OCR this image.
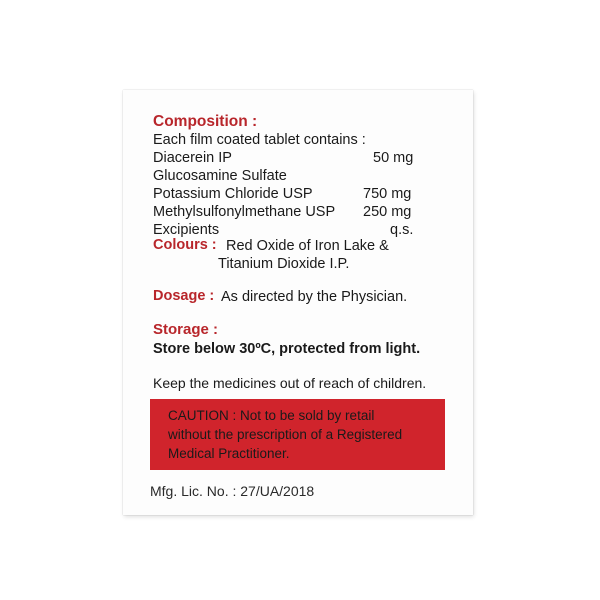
Composition :
Each film coated tablet contains :
Diacerein IP	50 mg
Glucosamine Sulfate
Potassium Chloride USP	750 mg
Methylsulfonylmethane USP 250 mg
Excipients	q.s.
Colours : Red Oxide of Iron Lake &
Titanium Dioxide I.P.
Dosage : As directed by the Physician.
Storage :
Store below 30ºC, protected from light.
Keep the medicines out of reach of children.
CAUTION : Not to be sold by retail
without the prescription of a Registered
Medical Practitioner.
Mfg. Lic. No. : 27/UA/2018
